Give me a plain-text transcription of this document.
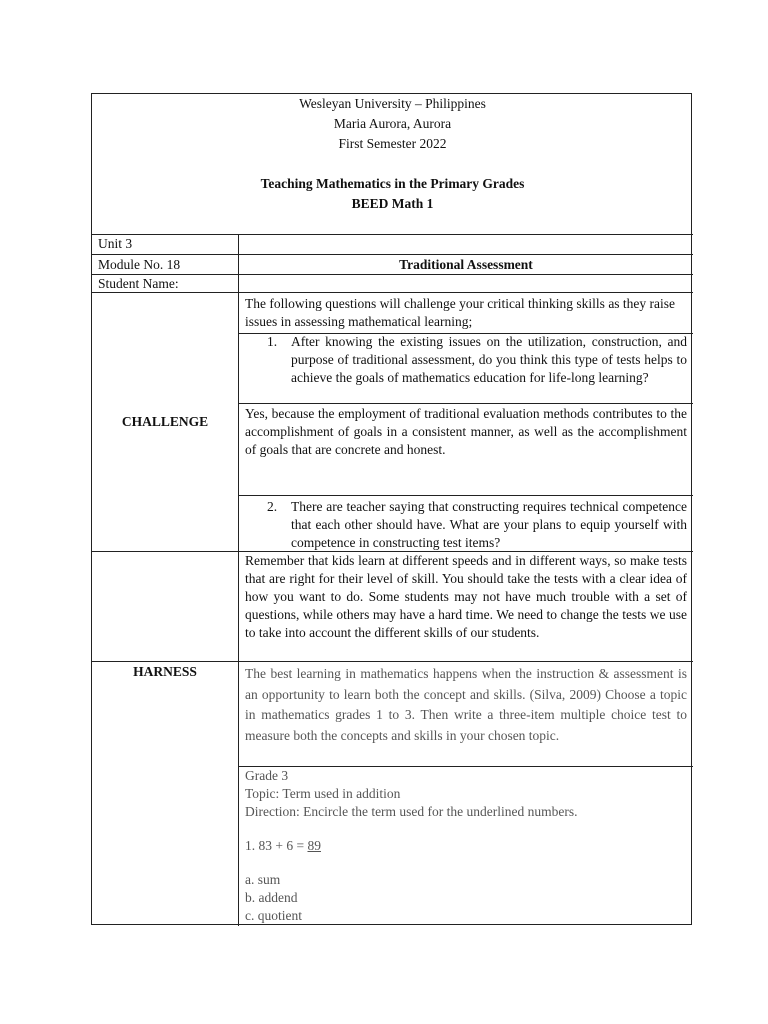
Wesleyan University – Philippines
Maria Aurora, Aurora
First Semester 2022
Teaching Mathematics in the Primary Grades
BEED Math 1
Unit 3
Module No. 18	Traditional Assessment
Student Name:
CHALLENGE
The following questions will challenge your critical thinking skills as they raise issues in assessing mathematical learning;
1. After knowing the existing issues on the utilization, construction, and purpose of traditional assessment, do you think this type of tests helps to achieve the goals of mathematics education for life-long learning?
Yes, because the employment of traditional evaluation methods contributes to the accomplishment of goals in a consistent manner, as well as the accomplishment of goals that are concrete and honest.
2. There are teacher saying that constructing requires technical competence that each other should have. What are your plans to equip yourself with competence in constructing test items?
Remember that kids learn at different speeds and in different ways, so make tests that are right for their level of skill. You should take the tests with a clear idea of how you want to do. Some students may not have much trouble with a set of questions, while others may have a hard time. We need to change the tests we use to take into account the different skills of our students.
HARNESS	The best learning in mathematics happens when the instruction & assessment is an opportunity to learn both the concept and skills. (Silva, 2009) Choose a topic in mathematics grades 1 to 3. Then write a three-item multiple choice test to measure both the concepts and skills in your chosen topic.
Grade 3
Topic: Term used in addition
Direction: Encircle the term used for the underlined numbers.
1. 83 + 6 = 89
a. sum
b. addend
c. quotient
